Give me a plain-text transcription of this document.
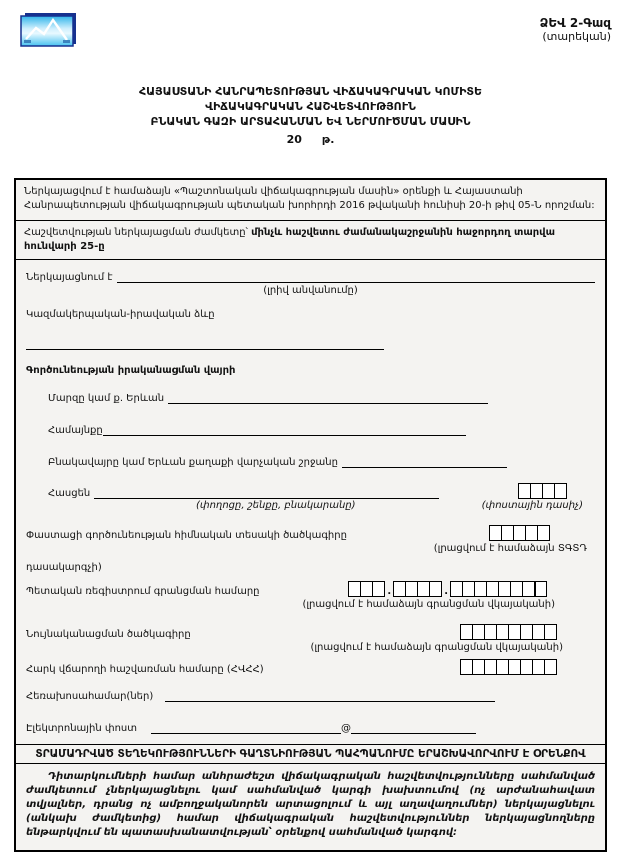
ՁԵՎ 2-Գազ
(տարեկան)
ՀԱՅԱՍՏԱՆԻ ՀԱՆՐԱՊԵՏՈՒԹՅԱՆ ՎԻՃԱԿԱԳՐԱԿԱՆ ԿՈՄԻՏԵ
ՎԻՃԱԿԱԳՐԱԿԱՆ ՀԱՇՎԵՏՎՈՒԹՅՈՒՆ
ԲՆԱԿԱՆ ԳԱԶԻ ԱՐՏԱՀԱՆՄԱՆ ԵՎ ՆԵՐՄՈՒԾՄԱՆ ՄԱՍԻՆ
20 թ.
Ներկայացվում է համաձայն «Պաշտոնական վիճակագրության մասին» օրենքի և Հայաստանի Հանրապետության վիճակագրության պետական խորհրդի 2016 թվականի հունիսի 20-ի թիվ 05-Ն որոշման:
Հաշվետվության ներկայացման ժամկետը՝ մինչև հաշվետու ժամանակաշրջանին հաջորդող տարվա հունվարի 25-ը
Ներկայացնում է
(լրիվ անվանումը)
Կազմակերպական-իրավական ձևը
Գործունեության իրականացման վայրի
Մարզը կամ ք. Երևան
Համայնքը
Բնակավայրը կամ Երևան քաղաքի վարչական շրջանը
Հասցեն
(փողոցը, շենքը, բնակարանը)	(փոստային դասիչ)
Փաստացի գործունեության հիմնական տեսակի ծածկագիրը
(լրացվում է համաձայն ՏԳՏԴ
դասակարգչի)
Պետական ռեգիստրում գրանցման համարը	.	.
(լրացվում է համաձայն գրանցման վկայականի)
Նույնականացման ծածկագիրը
(լրացվում է համաձայն գրանցման վկայականի)
Հարկ վճարողի հաշվառման համարը (ՀՎՀՀ)
Հեռախոսահամար(ներ)
Էլեկտրոնային փոստ	@
ՏՐԱՄԱԴՐՎԱԾ ՏԵՂԵԿՈՒԹՅՈՒՆՆԵՐԻ ԳԱՂՏՆԻՈՒԹՅԱՆ ՊԱՀՊԱՆՈՒՄԸ ԵՐԱՇԽԱՎՈՐՎՈՒՄ Է ՕՐԵՆՔՈՎ
Դիտարկումների համար անհրաժեշտ վիճակագրական հաշվետվությունները սահմանված ժամկետում չներկայացնելու կամ սահմանված կարգի խախտումով (ոչ արժանահավատ տվյալներ, դրանց ոչ ամբողջականորեն արտացոլում և այլ աղավաղումներ) ներկայացնելու (անկախ ժամկետից) համար վիճակագրական հաշվետվություններ ներկայացնողները ենթարկվում են պատասխանատվության՝ օրենքով սահմանված կարգով:
